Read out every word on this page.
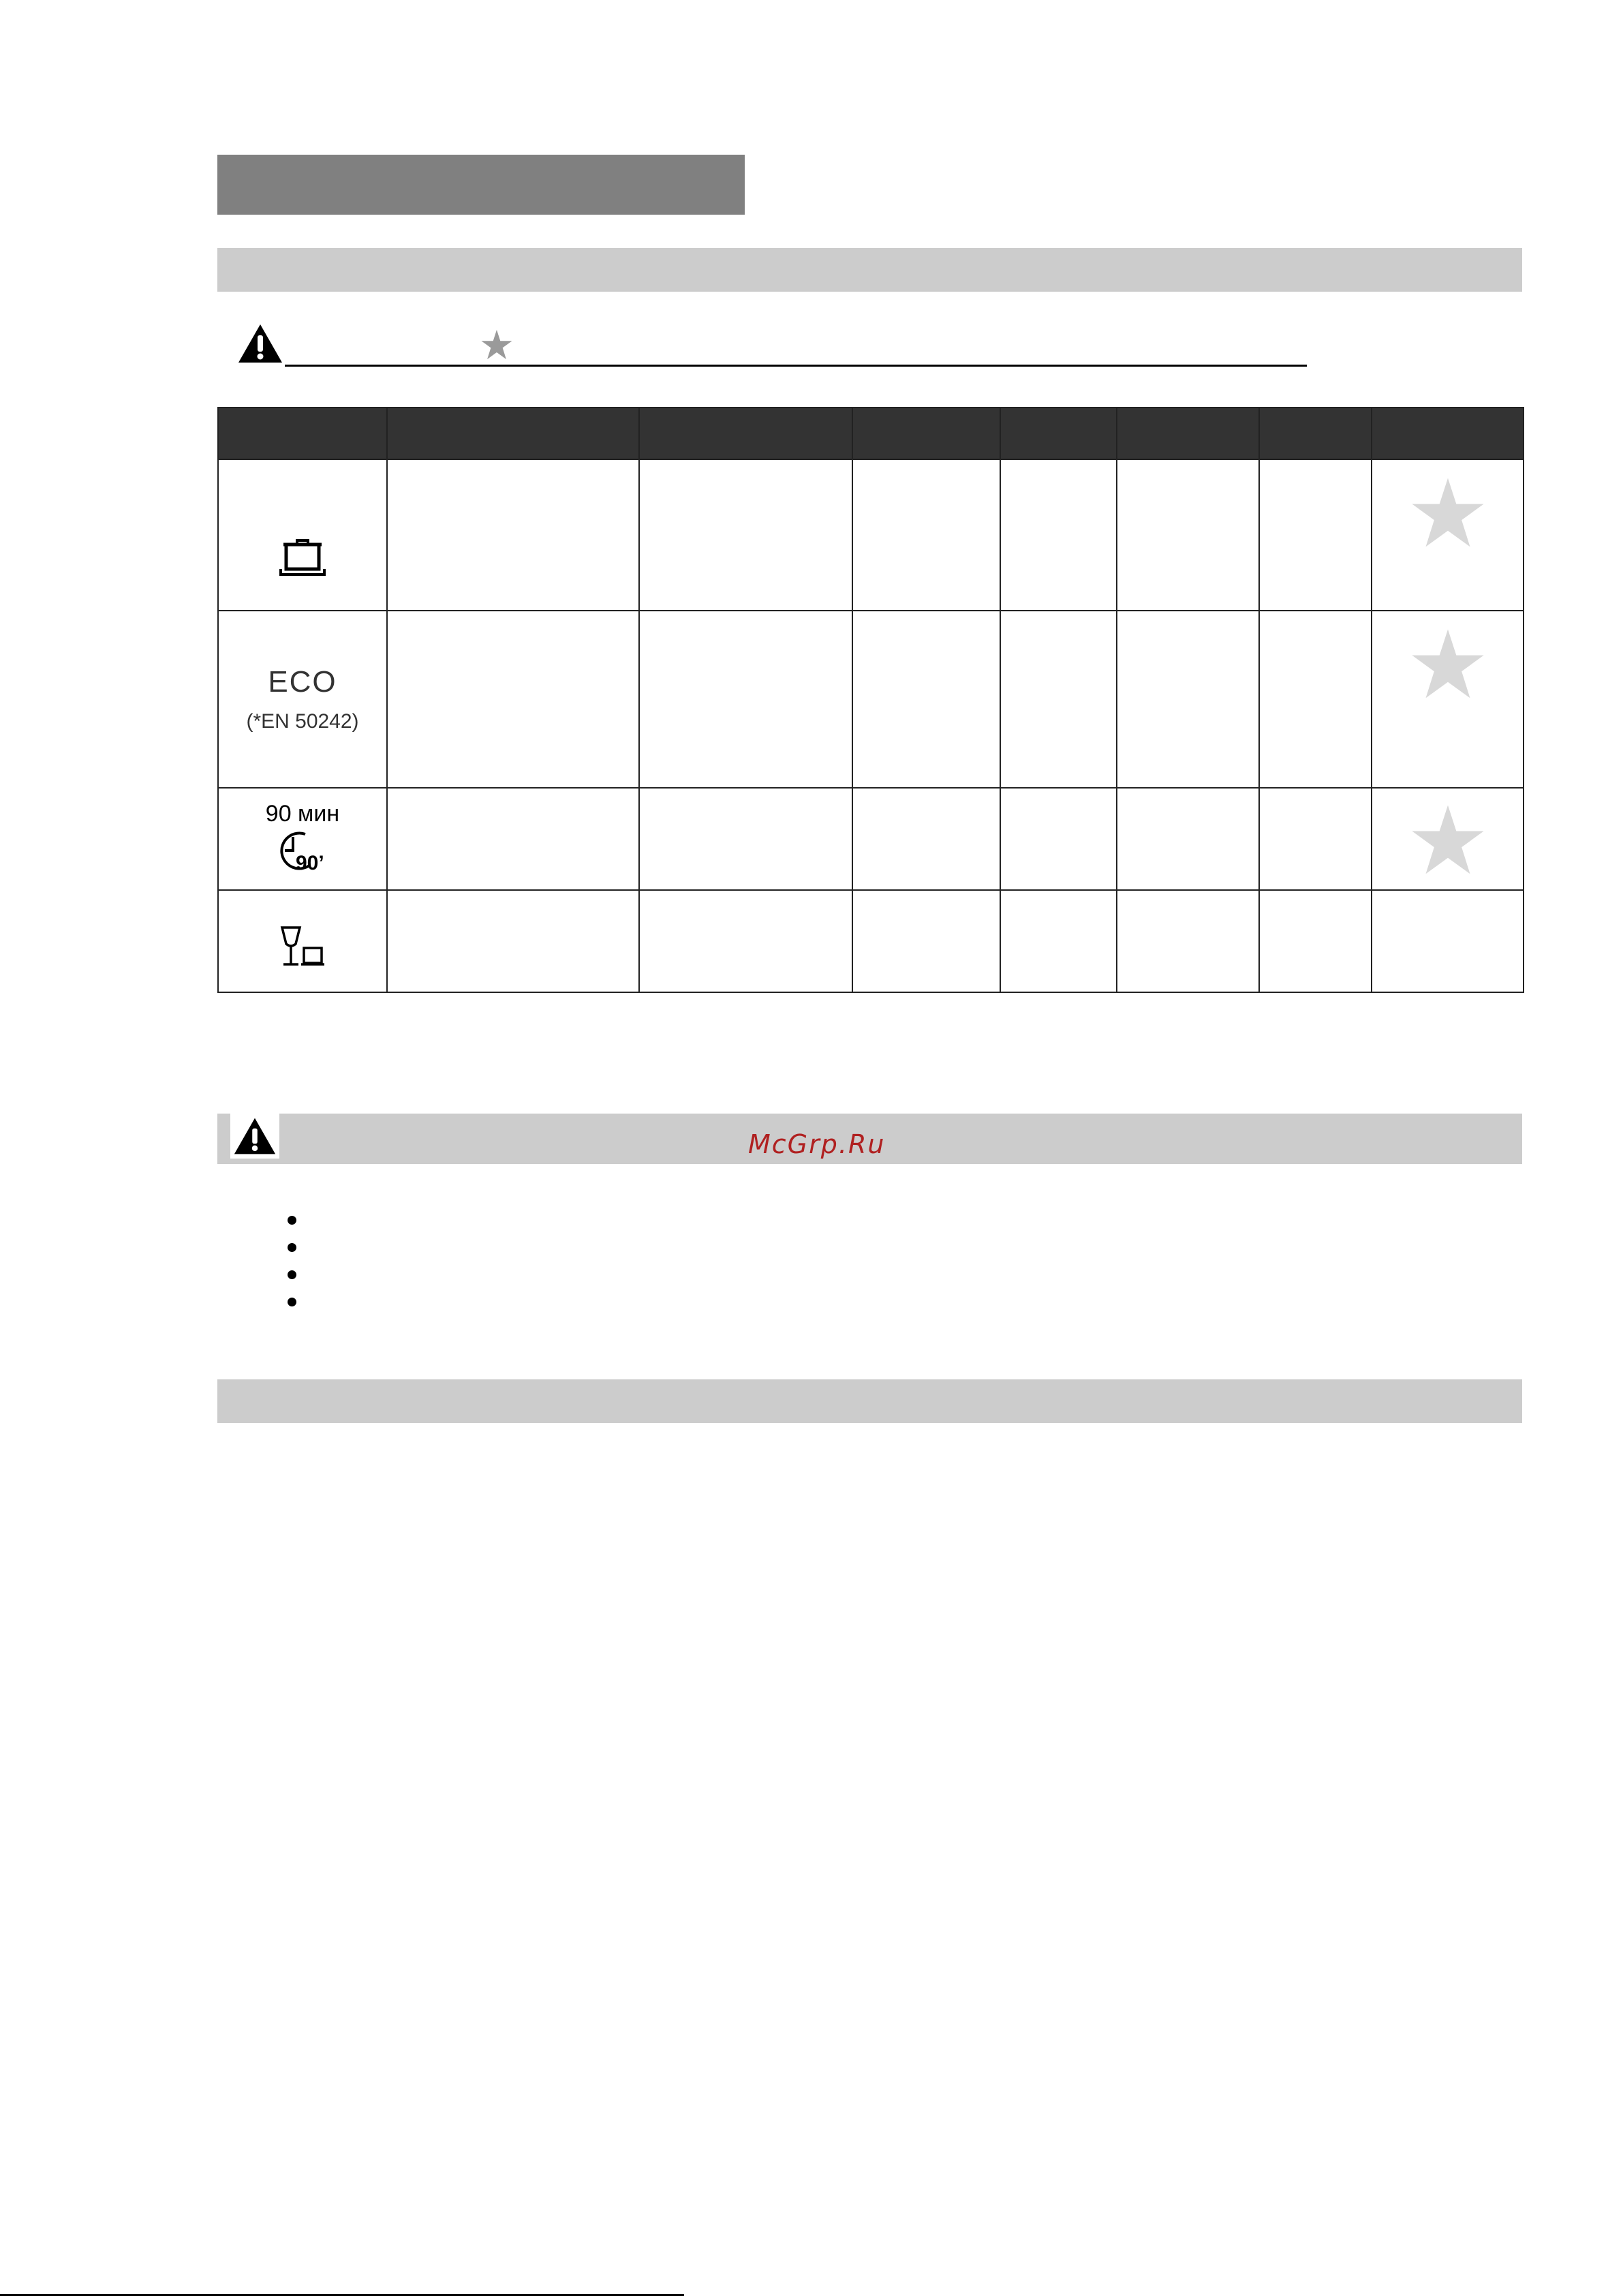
ECO
(*EN 50242)

90 мин
90’

McGrp.Ru
